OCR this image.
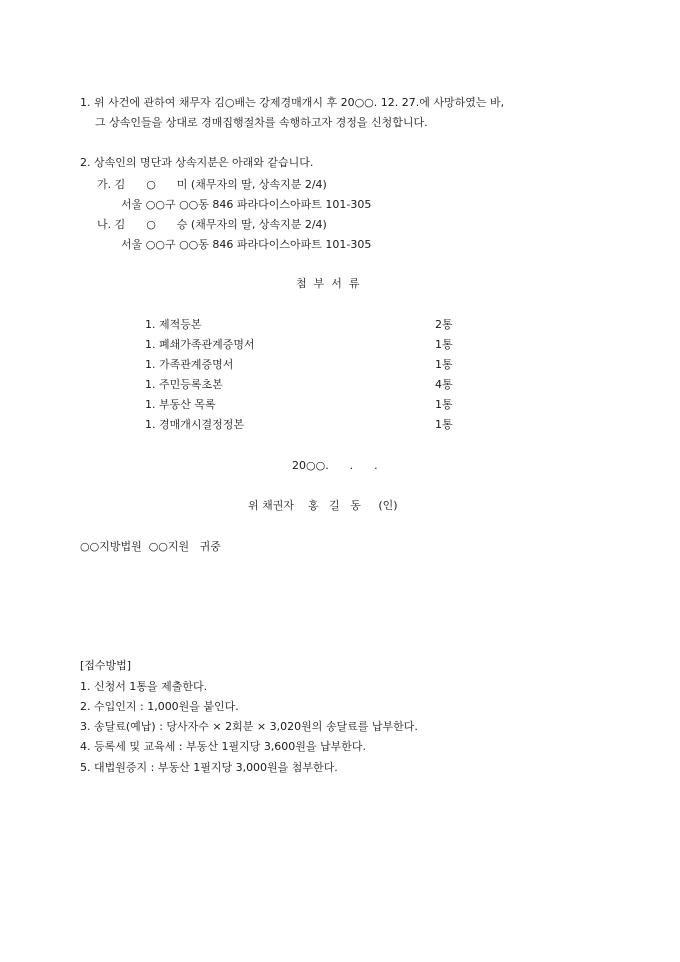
1. 위 사건에 관하여 채무자 김○배는 강제경매개시 후 20○○. 12. 27.에 사망하였는 바,
그 상속인들을 상대로 경매집행절차를 속행하고자 경정을 신청합니다.
2. 상속인의 명단과 상속지분은 아래와 같습니다.
가. 김      ○      미 (채무자의 딸, 상속지분 2/4)
서울 ○○구 ○○동 846 파라다이스아파트 101-305
나. 김      ○      승 (채무자의 딸, 상속지분 2/4)
서울 ○○구 ○○동 846 파라다이스아파트 101-305
첨  부  서  류
1. 제적등본	2통
1. 폐쇄가족관계증명서	1통
1. 가족관계증명서	1통
1. 주민등록초본	4통
1. 부동산 목록	1통
1. 경매개시결정정본	1통
20○○.      .      .
위 채권자    홍   길   동     (인)
○○지방법원  ○○지원   귀중
[접수방법]
1. 신청서 1통을 제출한다.
2. 수입인지 : 1,000원을 붙인다.
3. 송달료(예납) : 당사자수 × 2회분 × 3,020원의 송달료를 납부한다.
4. 등록세 및 교육세 : 부동산 1필지당 3,600원을 납부한다.
5. 대법원증지 : 부동산 1필지당 3,000원을 첨부한다.
